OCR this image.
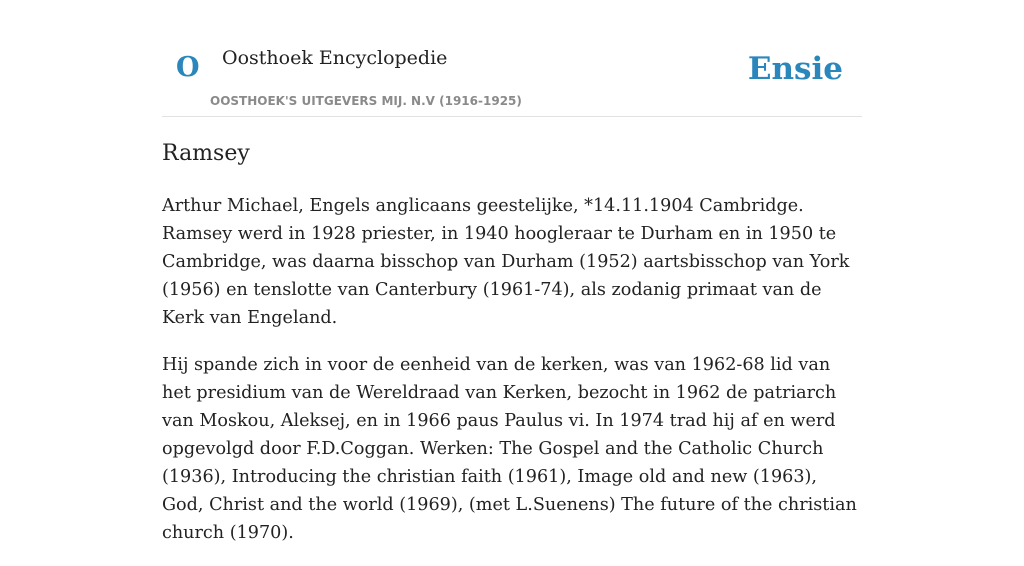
O Oosthoek Encyclopedie
OOSTHOEK'S UITGEVERS MIJ. N.V (1916-1925)
Ensie
Ramsey

Arthur Michael, Engels anglicaans geestelijke, *14.11.1904 Cambridge. Ramsey werd in 1928 priester, in 1940 hoogleraar te Durham en in 1950 te Cambridge, was daarna bisschop van Durham (1952) aartsbisschop van York (1956) en tenslotte van Canterbury (1961-74), als zodanig primaat van de Kerk van Engeland.

Hij spande zich in voor de eenheid van de kerken, was van 1962-68 lid van het presidium van de Wereldraad van Kerken, bezocht in 1962 de patriarch van Moskou, Aleksej, en in 1966 paus Paulus vi. In 1974 trad hij af en werd opgevolgd door F.D.Coggan. Werken: The Gospel and the Catholic Church (1936), Introducing the christian faith (1961), Image old and new (1963), God, Christ and the world (1969), (met L.Suenens) The future of the christian church (1970).
